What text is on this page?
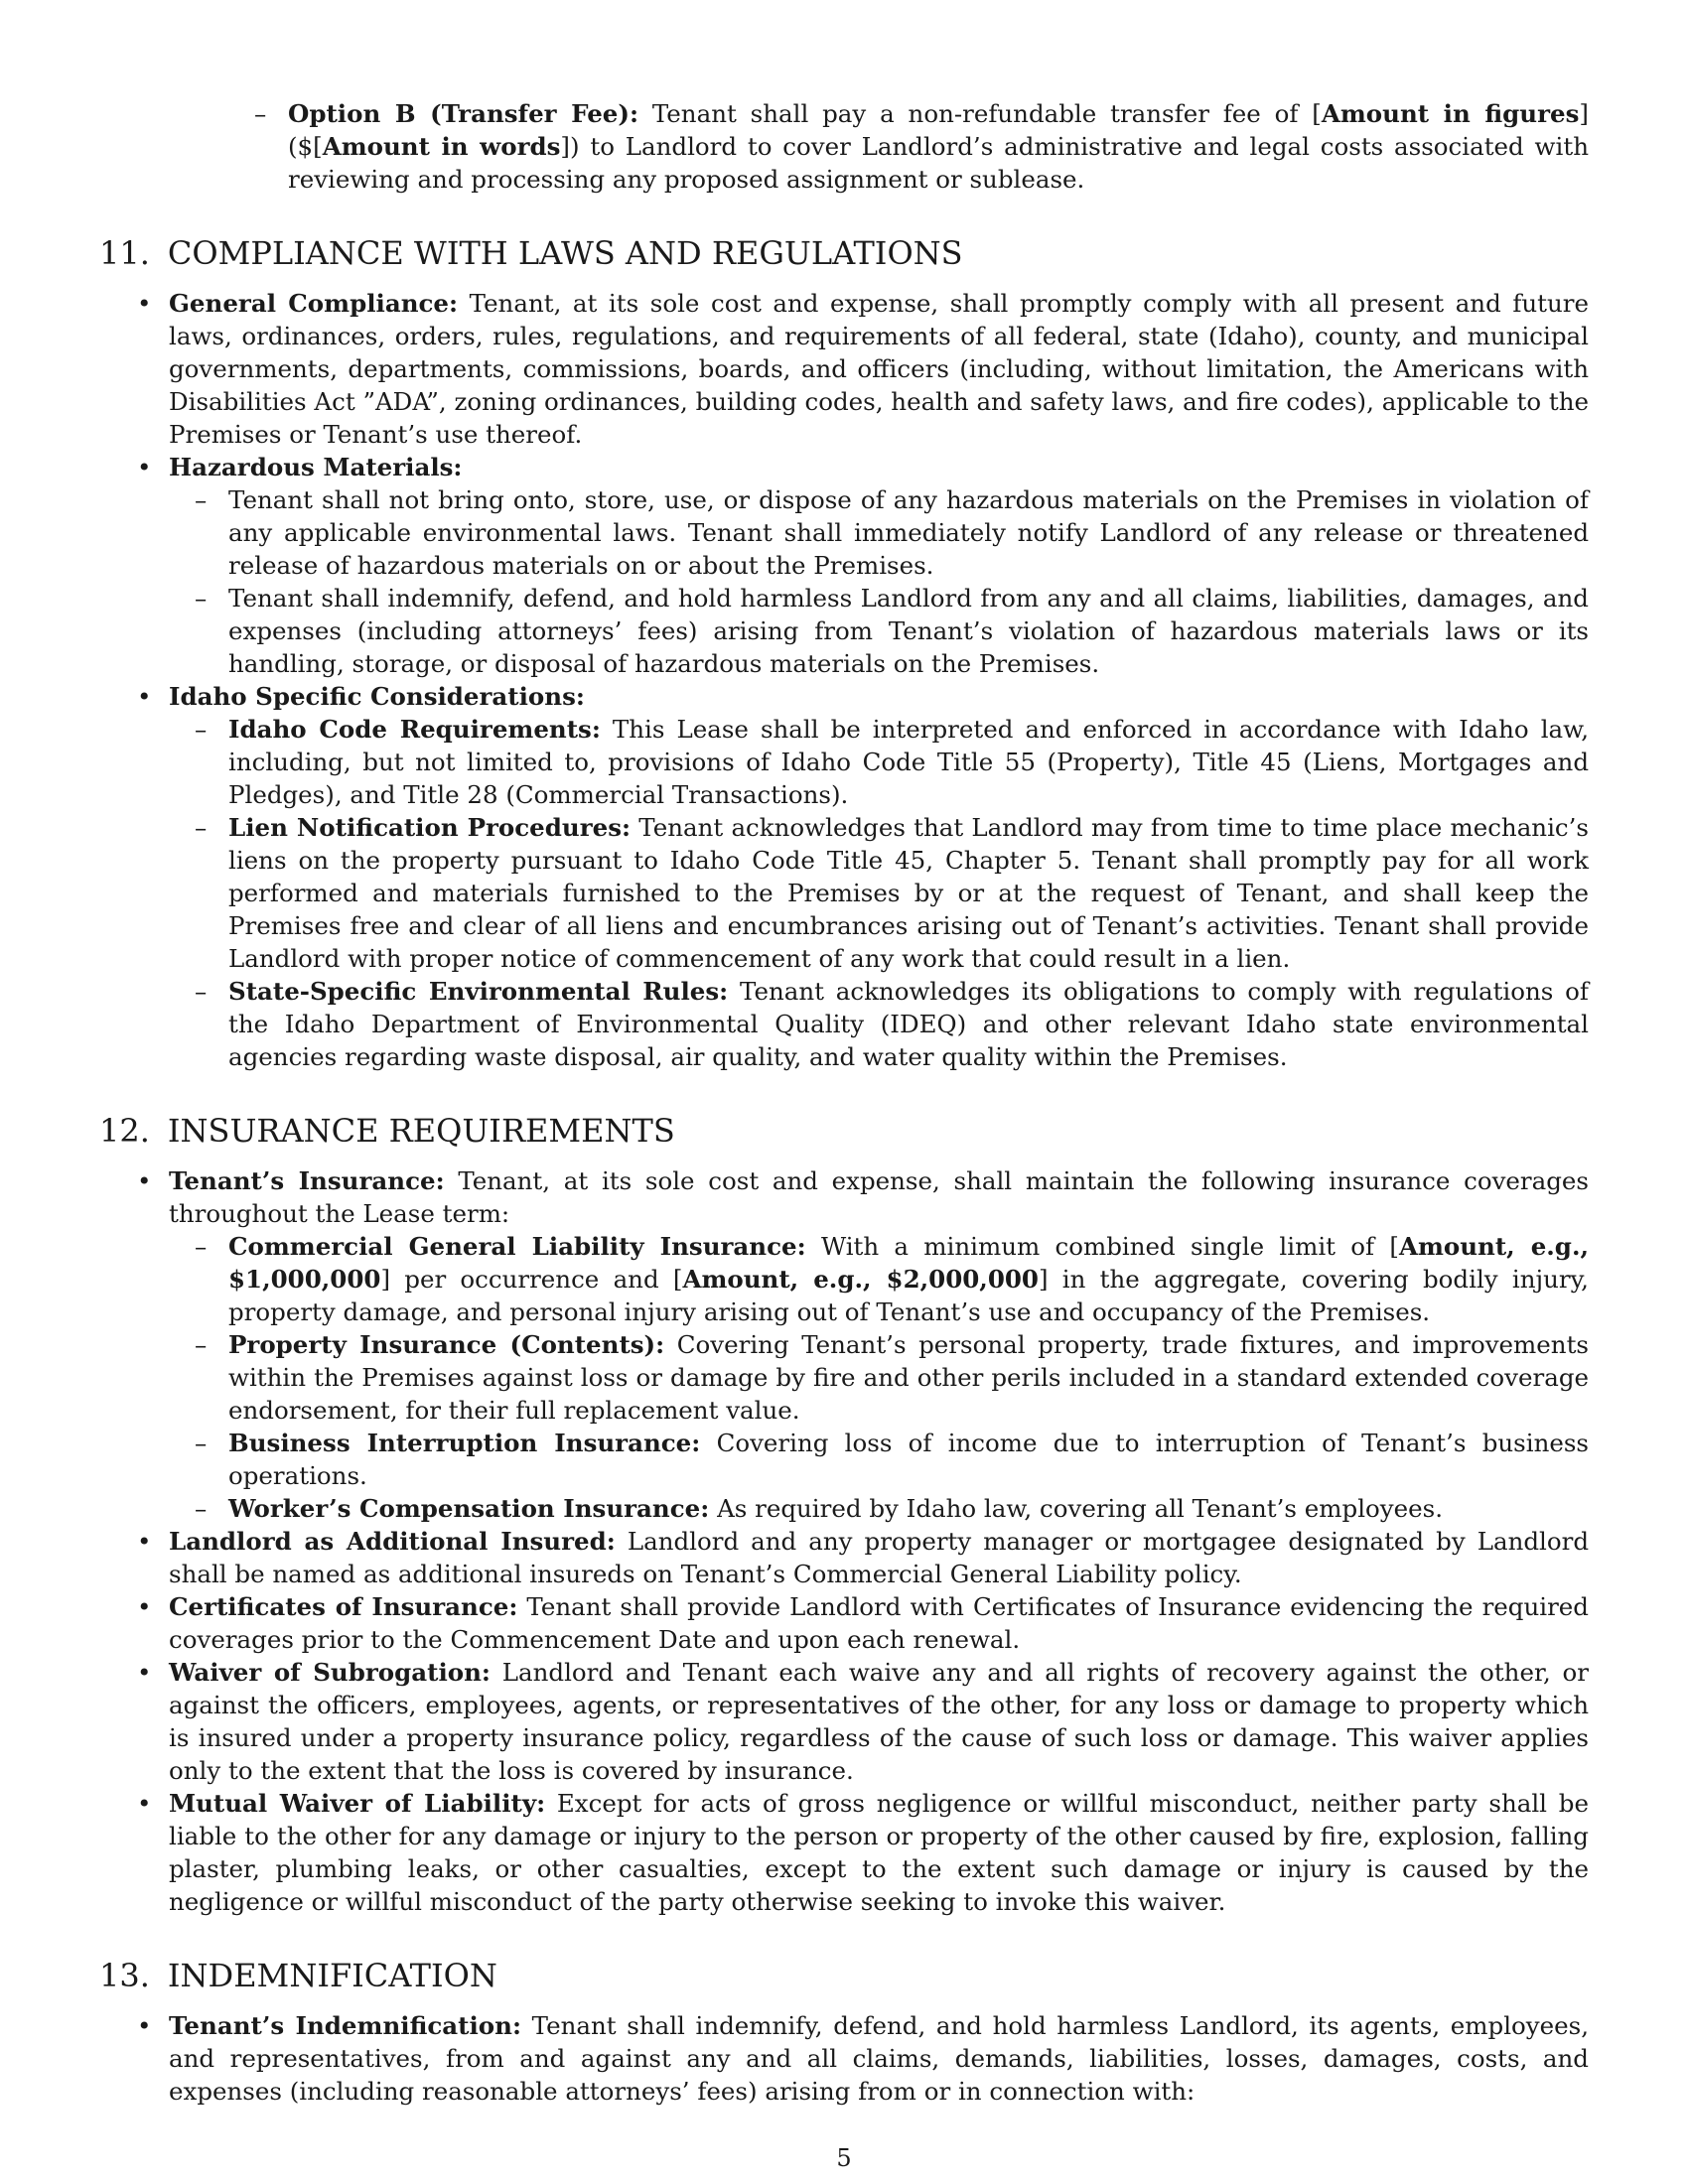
– Option B (Transfer Fee): Tenant shall pay a non-refundable transfer fee of [Amount in figures] ($[Amount in words]) to Landlord to cover Landlord’s administrative and legal costs associated with reviewing and processing any proposed assignment or sublease.
11. COMPLIANCE WITH LAWS AND REGULATIONS
• General Compliance: Tenant, at its sole cost and expense, shall promptly comply with all present and future laws, ordinances, orders, rules, regulations, and requirements of all federal, state (Idaho), county, and municipal governments, departments, commissions, boards, and officers (including, without limitation, the Americans with Disabilities Act ”ADA”, zoning ordinances, building codes, health and safety laws, and fire codes), applicable to the Premises or Tenant’s use thereof.
• Hazardous Materials:
– Tenant shall not bring onto, store, use, or dispose of any hazardous materials on the Premises in violation of any applicable environmental laws. Tenant shall immediately notify Landlord of any release or threatened release of hazardous materials on or about the Premises.
– Tenant shall indemnify, defend, and hold harmless Landlord from any and all claims, liabilities, damages, and expenses (including attorneys’ fees) arising from Tenant’s violation of hazardous materials laws or its handling, storage, or disposal of hazardous materials on the Premises.
• Idaho Specific Considerations:
– Idaho Code Requirements: This Lease shall be interpreted and enforced in accordance with Idaho law, including, but not limited to, provisions of Idaho Code Title 55 (Property), Title 45 (Liens, Mortgages and Pledges), and Title 28 (Commercial Transactions).
– Lien Notification Procedures: Tenant acknowledges that Landlord may from time to time place mechanic’s liens on the property pursuant to Idaho Code Title 45, Chapter 5. Tenant shall promptly pay for all work performed and materials furnished to the Premises by or at the request of Tenant, and shall keep the Premises free and clear of all liens and encumbrances arising out of Tenant’s activities. Tenant shall provide Landlord with proper notice of commencement of any work that could result in a lien.
– State-Specific Environmental Rules: Tenant acknowledges its obligations to comply with regulations of the Idaho Department of Environmental Quality (IDEQ) and other relevant Idaho state environmental agencies regarding waste disposal, air quality, and water quality within the Premises.
12. INSURANCE REQUIREMENTS
• Tenant’s Insurance: Tenant, at its sole cost and expense, shall maintain the following insurance coverages throughout the Lease term:
– Commercial General Liability Insurance: With a minimum combined single limit of [Amount, e.g., $1,000,000] per occurrence and [Amount, e.g., $2,000,000] in the aggregate, covering bodily injury, property damage, and personal injury arising out of Tenant’s use and occupancy of the Premises.
– Property Insurance (Contents): Covering Tenant’s personal property, trade fixtures, and improvements within the Premises against loss or damage by fire and other perils included in a standard extended coverage endorsement, for their full replacement value.
– Business Interruption Insurance: Covering loss of income due to interruption of Tenant’s business operations.
– Worker’s Compensation Insurance: As required by Idaho law, covering all Tenant’s employees.
• Landlord as Additional Insured: Landlord and any property manager or mortgagee designated by Landlord shall be named as additional insureds on Tenant’s Commercial General Liability policy.
• Certificates of Insurance: Tenant shall provide Landlord with Certificates of Insurance evidencing the required coverages prior to the Commencement Date and upon each renewal.
• Waiver of Subrogation: Landlord and Tenant each waive any and all rights of recovery against the other, or against the officers, employees, agents, or representatives of the other, for any loss or damage to property which is insured under a property insurance policy, regardless of the cause of such loss or damage. This waiver applies only to the extent that the loss is covered by insurance.
• Mutual Waiver of Liability: Except for acts of gross negligence or willful misconduct, neither party shall be liable to the other for any damage or injury to the person or property of the other caused by fire, explosion, falling plaster, plumbing leaks, or other casualties, except to the extent such damage or injury is caused by the negligence or willful misconduct of the party otherwise seeking to invoke this waiver.
13. INDEMNIFICATION
• Tenant’s Indemnification: Tenant shall indemnify, defend, and hold harmless Landlord, its agents, employees, and representatives, from and against any and all claims, demands, liabilities, losses, damages, costs, and expenses (including reasonable attorneys’ fees) arising from or in connection with:
5
